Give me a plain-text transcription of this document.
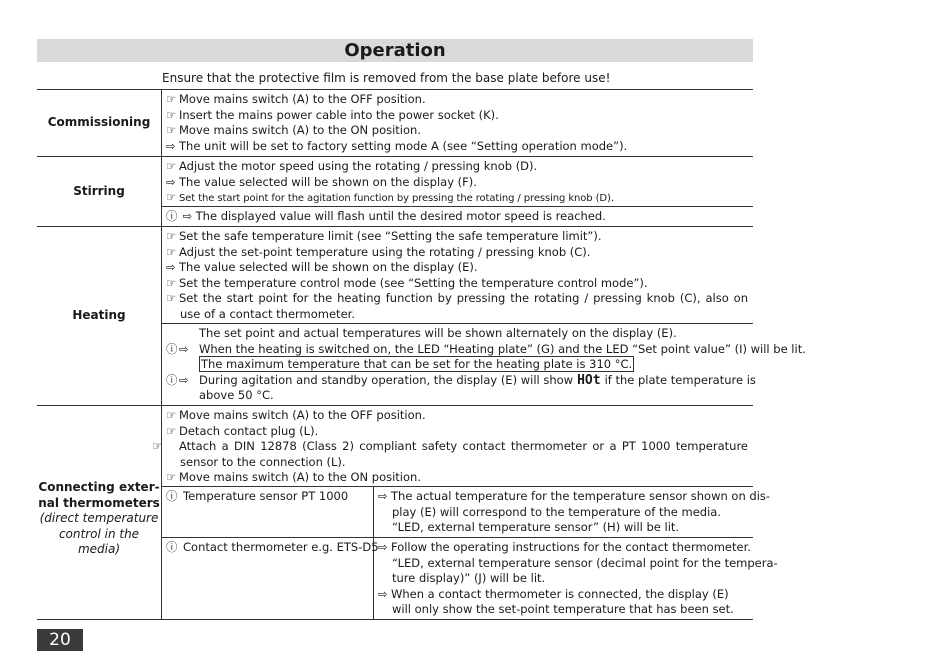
Operation
Ensure that the protective film is removed from the base plate before use!
Commissioning
☞ Move mains switch (A) to the OFF position.
☞ Insert the mains power cable into the power socket (K).
☞ Move mains switch (A) to the ON position.
⇨ The unit will be set to factory setting mode A (see “Setting operation mode”).
Stirring
☞ Adjust the motor speed using the rotating / pressing knob (D).
⇨ The value selected will be shown on the display (F).
☞ Set the start point for the agitation function by pressing the rotating / pressing knob (D).
ⓘ ⇨ The displayed value will flash until the desired motor speed is reached.
Heating
☞ Set the safe temperature limit (see “Setting the safe temperature limit”).
☞ Adjust the set-point temperature using the rotating / pressing knob (C).
⇨ The value selected will be shown on the display (E).
☞ Set the temperature control mode (see “Setting the temperature control mode”).
☞ Set the start point for the heating function by pressing the rotating / pressing knob (C), also on use of a contact thermometer.
The set point and actual temperatures will be shown alternately on the display (E).
ⓘ ⇨ When the heating is switched on, the LED “Heating plate” (G) and the LED “Set point value” (I) will be lit.
The maximum temperature that can be set for the heating plate is 310 °C.
ⓘ ⇨ During agitation and standby operation, the display (E) will show HOt if the plate temperature is
above 50 °C.
Connecting exter-
nal thermometers
(direct temperature
control in the media)
☞ Move mains switch (A) to the OFF position.
☞ Detach contact plug (L).
☞ Attach a DIN 12878 (Class 2) compliant safety contact thermometer or a PT 1000 temperature sensor to the connection (L).
☞ Move mains switch (A) to the ON position.
ⓘ Temperature sensor PT 1000	⇨ The actual temperature for the temperature sensor shown on dis-
play (E) will correspond to the temperature of the media.
“LED, external temperature sensor” (H) will be lit.
ⓘ Contact thermometer e.g. ETS-D5 ⇨ Follow the operating instructions for the contact thermometer.
“LED, external temperature sensor (decimal point for the tempera-
ture display)” (J) will be lit.
⇨ When a contact thermometer is connected, the display (E)
will only show the set-point temperature that has been set.
20
